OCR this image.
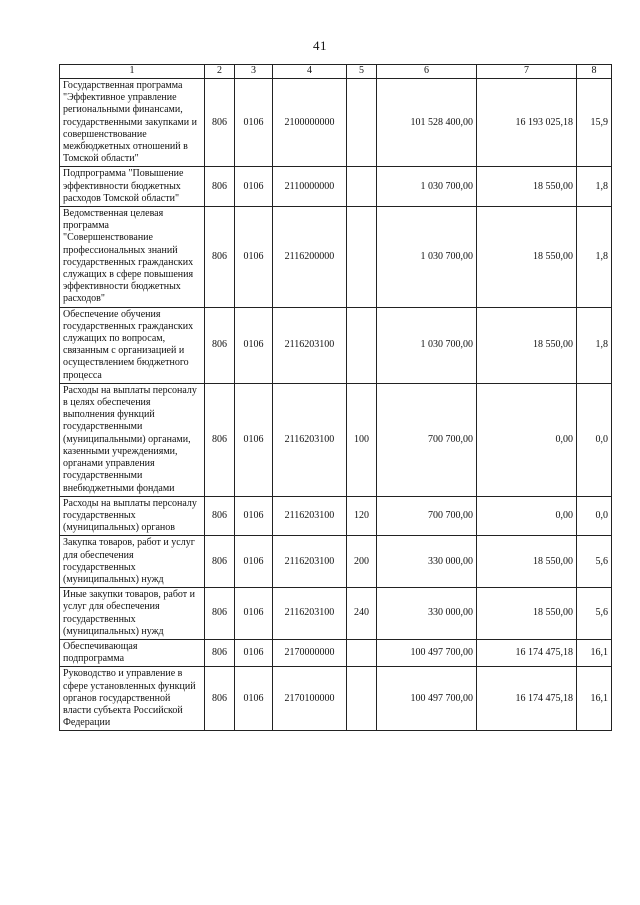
41
1	2	3	4	5	6	7	8
Государственная программа "Эффективное управление региональными финансами, государственными закупками и совершенствование межбюджетных отношений в Томской области"	806	0106	2100000000		101 528 400,00	16 193 025,18	15,9
Подпрограмма "Повышение эффективности бюджетных расходов Томской области"	806	0106	2110000000		1 030 700,00	18 550,00	1,8
Ведомственная целевая программа "Совершенствование профессиональных знаний государственных гражданских служащих в сфере повышения эффективности бюджетных расходов"	806	0106	2116200000		1 030 700,00	18 550,00	1,8
Обеспечение обучения государственных гражданских служащих по вопросам, связанным с организацией и осуществлением бюджетного процесса	806	0106	2116203100		1 030 700,00	18 550,00	1,8
Расходы на выплаты персоналу в целях обеспечения выполнения функций государственными (муниципальными) органами, казенными учреждениями, органами управления государственными внебюджетными фондами	806	0106	2116203100	100	700 700,00	0,00	0,0
Расходы на выплаты персоналу государственных (муниципальных) органов	806	0106	2116203100	120	700 700,00	0,00	0,0
Закупка товаров, работ и услуг для обеспечения государственных (муниципальных) нужд	806	0106	2116203100	200	330 000,00	18 550,00	5,6
Иные закупки товаров, работ и услуг для обеспечения государственных (муниципальных) нужд	806	0106	2116203100	240	330 000,00	18 550,00	5,6
Обеспечивающая подпрограмма	806	0106	2170000000		100 497 700,00	16 174 475,18	16,1
Руководство и управление в сфере установленных функций органов государственной власти субъекта Российской Федерации	806	0106	2170100000		100 497 700,00	16 174 475,18	16,1
